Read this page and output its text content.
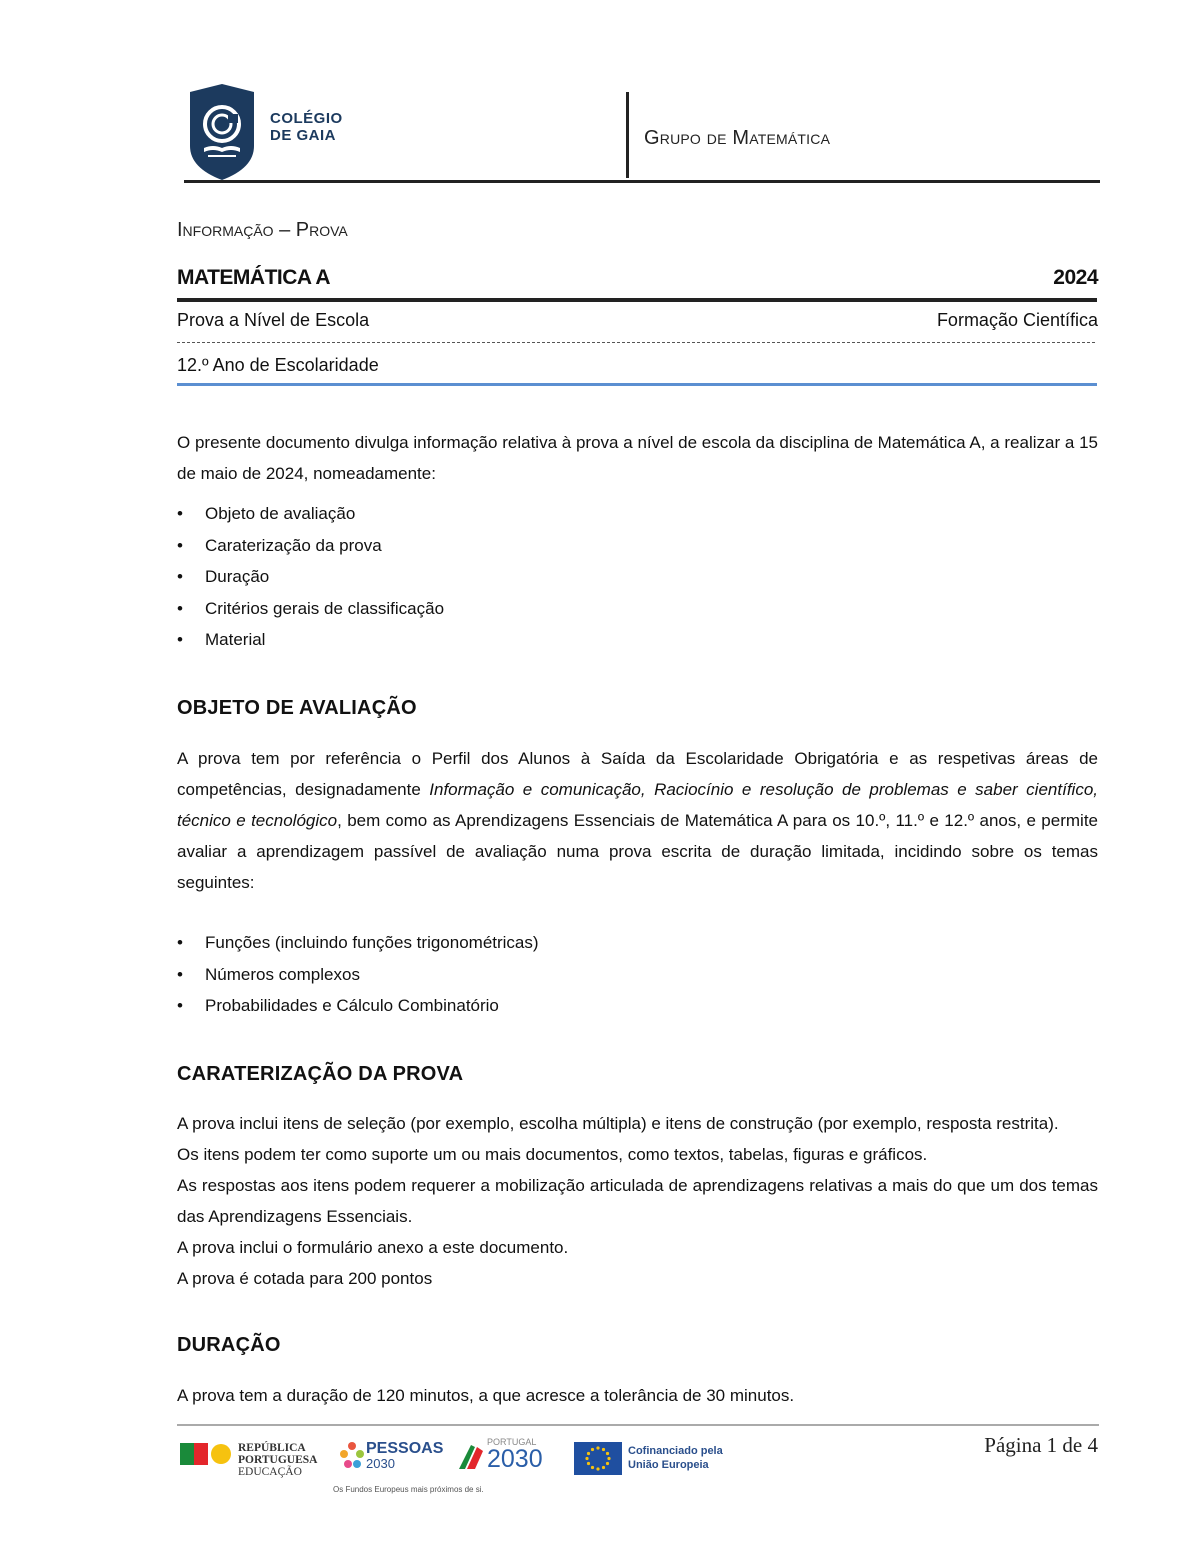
COLÉGIO
DE GAIA	Grupo de Matemática
Informação – Prova
MATEMÁTICA A	2024
Prova a Nível de Escola	Formação Científica
12.º Ano de Escolaridade
O presente documento divulga informação relativa à prova a nível de escola da disciplina de Matemática A, a realizar a 15 de maio de 2024, nomeadamente:
• Objeto de avaliação
• Caraterização da prova
• Duração
• Critérios gerais de classificação
• Material
OBJETO DE AVALIAÇÃO
A prova tem por referência o Perfil dos Alunos à Saída da Escolaridade Obrigatória e as respetivas áreas de competências, designadamente Informação e comunicação, Raciocínio e resolução de problemas e saber científico, técnico e tecnológico, bem como as Aprendizagens Essenciais de Matemática A para os 10.º, 11.º e 12.º anos, e permite avaliar a aprendizagem passível de avaliação numa prova escrita de duração limitada, incidindo sobre os temas seguintes:
• Funções (incluindo funções trigonométricas)
• Números complexos
• Probabilidades e Cálculo Combinatório
CARATERIZAÇÃO DA PROVA
A prova inclui itens de seleção (por exemplo, escolha múltipla) e itens de construção (por exemplo, resposta restrita).
Os itens podem ter como suporte um ou mais documentos, como textos, tabelas, figuras e gráficos.
As respostas aos itens podem requerer a mobilização articulada de aprendizagens relativas a mais do que um dos temas das Aprendizagens Essenciais.
A prova inclui o formulário anexo a este documento.
A prova é cotada para 200 pontos
DURAÇÃO
A prova tem a duração de 120 minutos, a que acresce a tolerância de 30 minutos.
Página 1 de 4
REPÚBLICA
PORTUGUESA
EDUCAÇÃO
PESSOAS
2030
Os Fundos Europeus mais próximos de si.
PORTUGAL
2030	Cofinanciado pela
União Europeia
